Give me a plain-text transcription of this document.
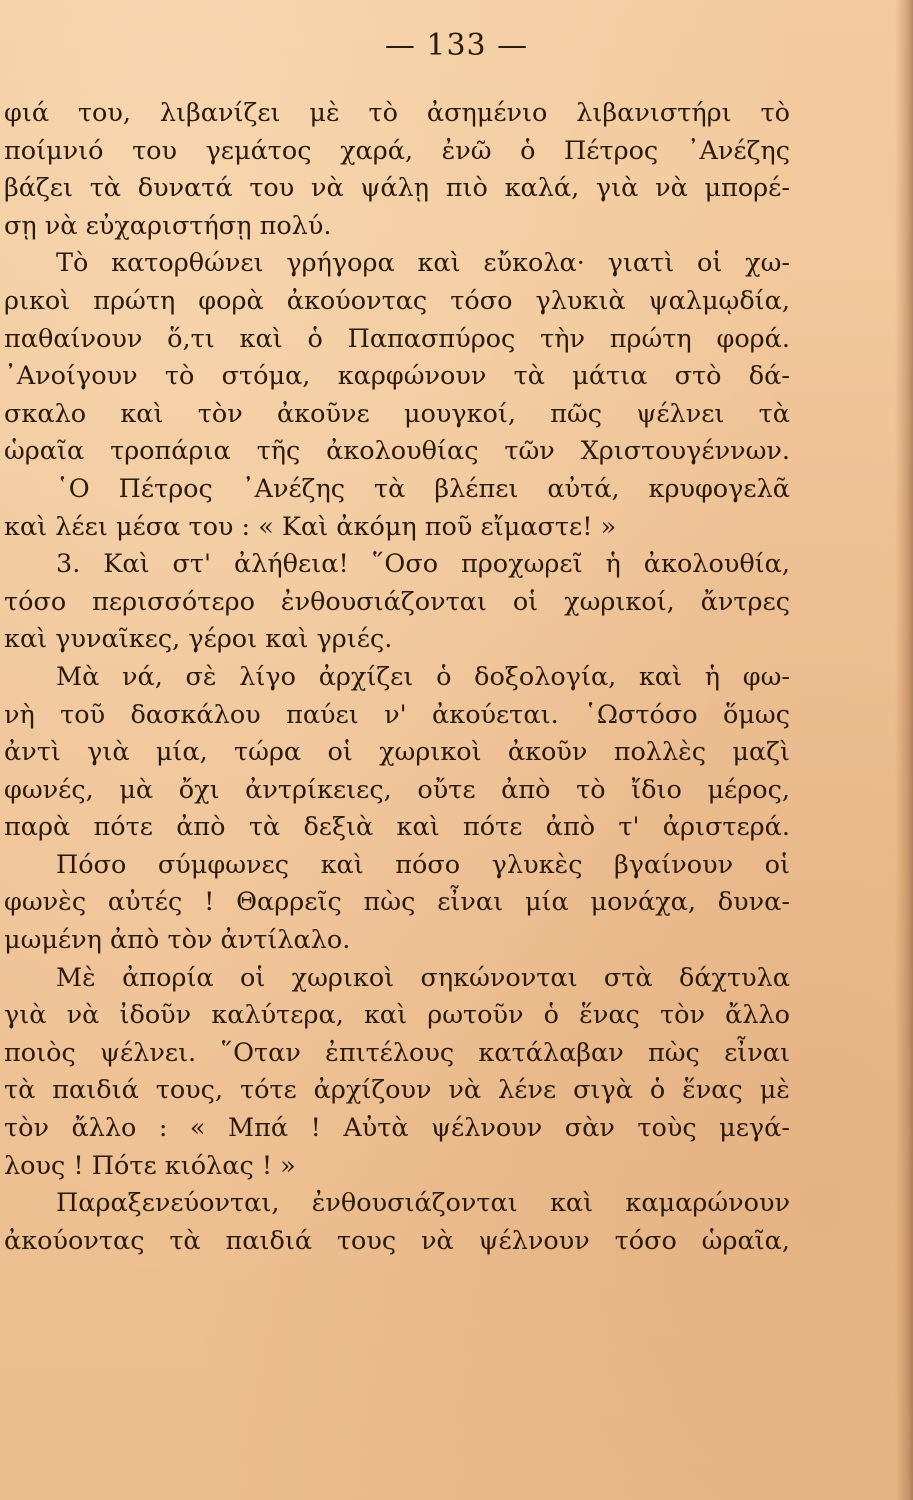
— 133 —
φιά του, λιβανίζει μὲ τὸ ἀσημένιο λιβανιστήρι τὸ
ποίμνιό του γεμάτος χαρά, ἐνῶ ὁ Πέτρος ᾿Ανέζης
βάζει τὰ δυνατά του νὰ ψάλῃ πιὸ καλά, γιὰ νὰ μπορέ-
σῃ νὰ εὐχαριστήσῃ πολύ.
Τὸ κατορθώνει γρήγορα καὶ εὔκολα· γιατὶ οἱ χω-
ρικοὶ πρώτη φορὰ ἀκούοντας τόσο γλυκιὰ ψαλμῳδία,
παθαίνουν ὅ,τι καὶ ὁ Παπασπύρος τὴν πρώτη φορά.
᾿Ανοίγουν τὸ στόμα, καρφώνουν τὰ μάτια στὸ δά-
σκαλο καὶ τὸν ἀκοῦνε μουγκοί, πῶς ψέλνει τὰ
ὡραῖα τροπάρια τῆς ἀκολουθίας τῶν Χριστουγέννων.
῾Ο Πέτρος ᾿Ανέζης τὰ βλέπει αὐτά, κρυφογελᾶ
καὶ λέει μέσα του : « Καὶ ἀκόμη ποῦ εἴμαστε! »
3. Καὶ στ' ἀλήθεια! ῞Οσο προχωρεῖ ἡ ἀκολουθία,
τόσο περισσότερο ἐνθουσιάζονται οἱ χωρικοί, ἄντρες
καὶ γυναῖκες, γέροι καὶ γριές.
Μὰ νά, σὲ λίγο ἀρχίζει ὁ δοξολογία, καὶ ἡ φω-
νὴ τοῦ δασκάλου παύει ν' ἀκούεται. ῾Ωστόσο ὅμως
ἀντὶ γιὰ μία, τώρα οἱ χωρικοὶ ἀκοῦν πολλὲς μαζὶ
φωνές, μὰ ὄχι ἀντρίκειες, οὔτε ἀπὸ τὸ ἴδιο μέρος,
παρὰ πότε ἀπὸ τὰ δεξιὰ καὶ πότε ἀπὸ τ' ἀριστερά.
Πόσο σύμφωνες καὶ πόσο γλυκὲς βγαίνουν οἱ
φωνὲς αὐτές ! Θαρρεῖς πὼς εἶναι μία μονάχα, δυνα-
μωμένη ἀπὸ τὸν ἀντίλαλο.
Μὲ ἀπορία οἱ χωρικοὶ σηκώνονται στὰ δάχτυλα
γιὰ νὰ ἰδοῦν καλύτερα, καὶ ρωτοῦν ὁ ἕνας τὸν ἄλλο
ποιὸς ψέλνει. ῞Οταν ἐπιτέλους κατάλαβαν πὼς εἶναι
τὰ παιδιά τους, τότε ἀρχίζουν νὰ λένε σιγὰ ὁ ἕνας μὲ
τὸν ἄλλο : « Μπά ! Αὐτὰ ψέλνουν σὰν τοὺς μεγά-
λους ! Πότε κιόλας ! »
Παραξενεύονται, ἐνθουσιάζονται καὶ καμαρώνουν
ἀκούοντας τὰ παιδιά τους νὰ ψέλνουν τόσο ὡραῖα,
